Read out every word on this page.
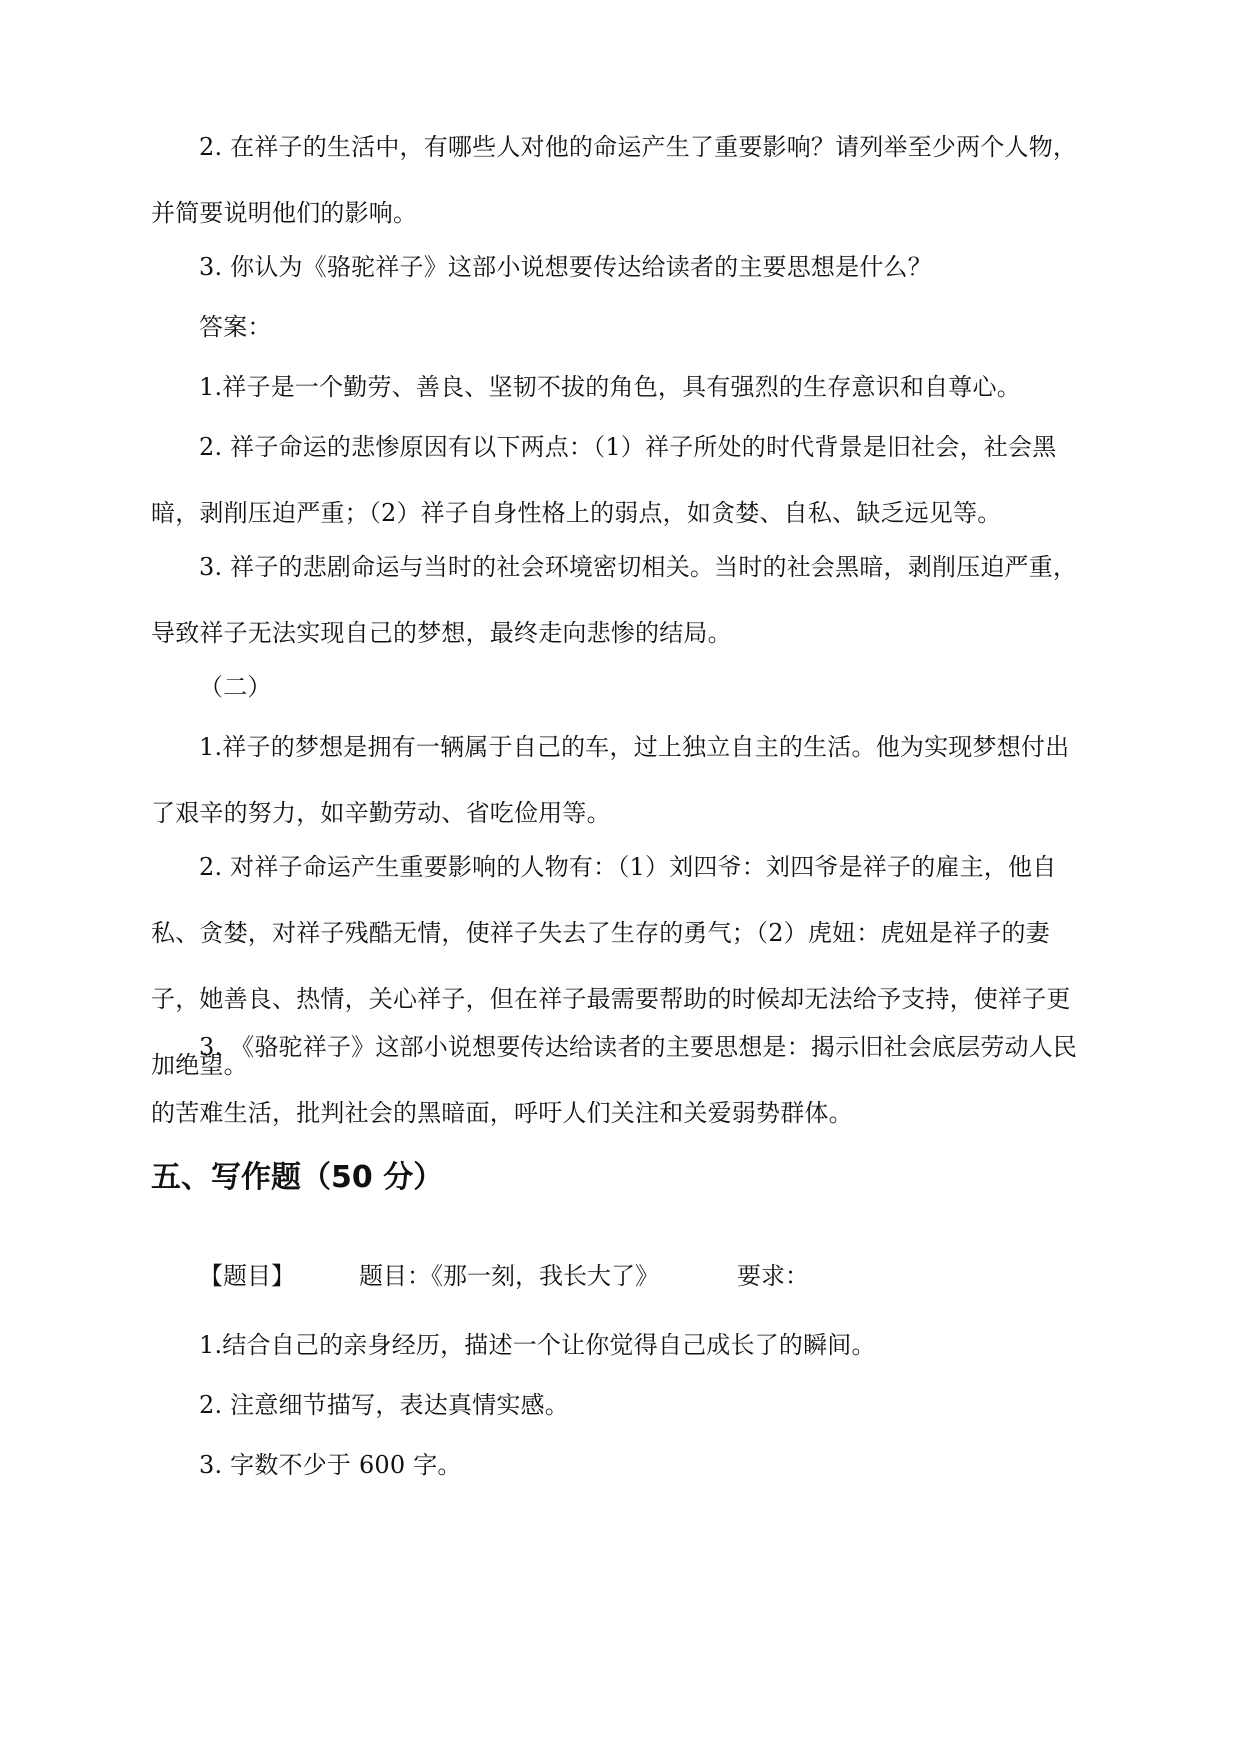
2. 在祥子的生活中，有哪些人对他的命运产生了重要影响？请列举至少两个人物，并简要说明他们的影响。

3. 你认为《骆驼祥子》这部小说想要传达给读者的主要思想是什么？

答案：

1.祥子是一个勤劳、善良、坚韧不拔的角色，具有强烈的生存意识和自尊心。

2. 祥子命运的悲惨原因有以下两点：（1）祥子所处的时代背景是旧社会，社会黑暗，剥削压迫严重；（2）祥子自身性格上的弱点，如贪婪、自私、缺乏远见等。

3. 祥子的悲剧命运与当时的社会环境密切相关。当时的社会黑暗，剥削压迫严重，导致祥子无法实现自己的梦想，最终走向悲惨的结局。

（二）

1.祥子的梦想是拥有一辆属于自己的车，过上独立自主的生活。他为实现梦想付出了艰辛的努力，如辛勤劳动、省吃俭用等。

2. 对祥子命运产生重要影响的人物有：（1）刘四爷：刘四爷是祥子的雇主，他自私、贪婪，对祥子残酷无情，使祥子失去了生存的勇气；（2）虎妞：虎妞是祥子的妻子，她善良、热情，关心祥子，但在祥子最需要帮助的时候却无法给予支持，使祥子更加绝望。

3. 《骆驼祥子》这部小说想要传达给读者的主要思想是：揭示旧社会底层劳动人民的苦难生活，批判社会的黑暗面，呼吁人们关注和关爱弱势群体。

五、写作题（50 分）
【题目】	题目：《那一刻，我长大了》	要求：

1.结合自己的亲身经历，描述一个让你觉得自己成长了的瞬间。

2. 注意细节描写，表达真情实感。

3. 字数不少于 600 字。
